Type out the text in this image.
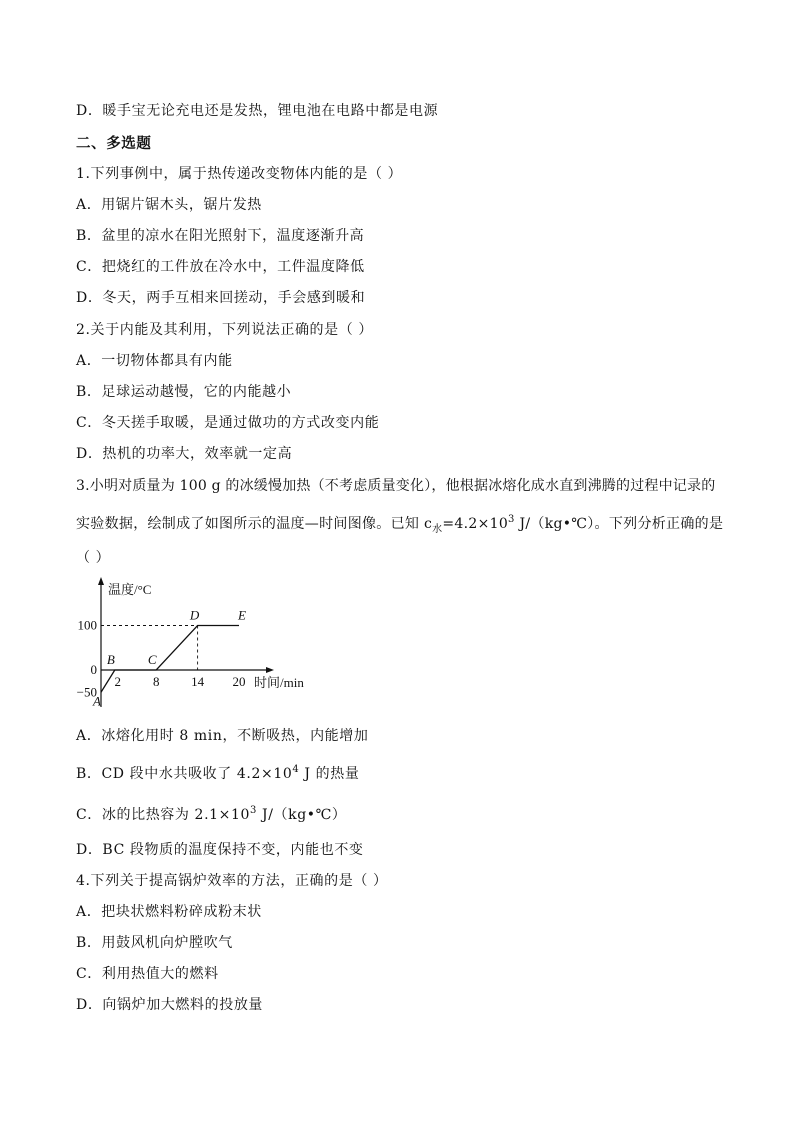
D．暖手宝无论充电还是发热，锂电池在电路中都是电源
二、多选题
1.下列事例中，属于热传递改变物体内能的是（ ）
A．用锯片锯木头，锯片发热
B．盆里的凉水在阳光照射下，温度逐渐升高
C．把烧红的工件放在冷水中，工件温度降低
D．冬天，两手互相来回搓动，手会感到暖和
2.关于内能及其利用，下列说法正确的是（ ）
A．一切物体都具有内能
B．足球运动越慢，它的内能越小
C．冬天搓手取暖，是通过做功的方式改变内能
D．热机的功率大，效率就一定高
3.小明对质量为 100 g 的冰缓慢加热（不考虑质量变化），他根据冰熔化成水直到沸腾的过程中记录的
实验数据，绘制成了如图所示的温度—时间图像。已知 $c_水=4.2\times 10^3$ J/（kg•℃）。下列分析正确的是
（ ）
A
B	C
D	E
2 8 14 20
100
0
−50
温度/°C
时间/min
A．冰熔化用时 8 min，不断吸热，内能增加
B．CD 段中水共吸收了 $4.2\times 10^4$ J 的热量
C．冰的比热容为 $2.1\times 10^3$ J/（kg•℃）
D．BC 段物质的温度保持不变，内能也不变
4.下列关于提高锅炉效率的方法，正确的是（ ）
A．把块状燃料粉碎成粉末状
B．用鼓风机向炉膛吹气
C．利用热值大的燃料
D．向锅炉加大燃料的投放量
